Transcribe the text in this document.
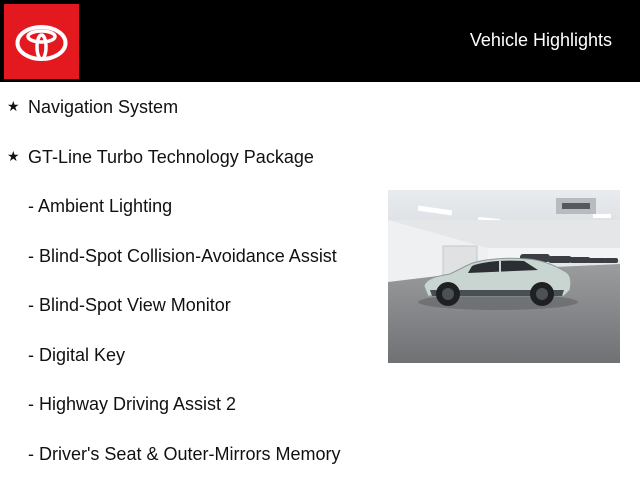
Vehicle Highlights
★ Navigation System
★ GT-Line Turbo Technology Package
- Ambient Lighting
- Blind-Spot Collision-Avoidance Assist
- Blind-Spot View Monitor
- Digital Key
- Highway Driving Assist 2
- Driver's Seat & Outer-Mirrors Memory
